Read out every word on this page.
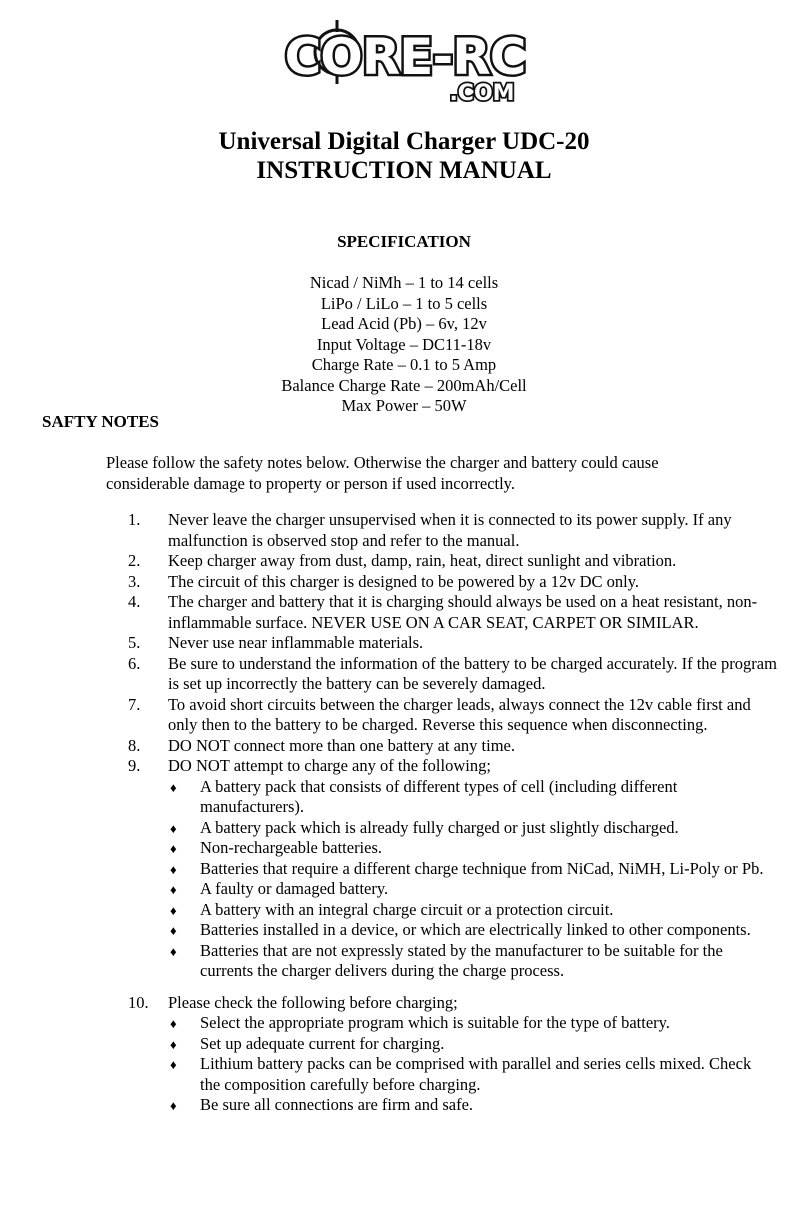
CORE-RC
.COM
Universal Digital Charger UDC-20
INSTRUCTION MANUAL
SPECIFICATION
Nicad / NiMh – 1 to 14 cells
LiPo / LiLo – 1 to 5 cells
Lead Acid (Pb) – 6v, 12v
Input Voltage – DC11-18v
Charge Rate – 0.1 to 5 Amp
Balance Charge Rate – 200mAh/Cell
Max Power – 50W
SAFTY NOTES
Please follow the safety notes below. Otherwise the charger and battery could cause considerable damage to property or person if used incorrectly.
1.	Never leave the charger unsupervised when it is connected to its power supply. If any malfunction is observed stop and refer to the manual.
2.	Keep charger away from dust, damp, rain, heat, direct sunlight and vibration.
3.	The circuit of this charger is designed to be powered by a 12v DC only.
4.	The charger and battery that it is charging should always be used on a heat resistant, non-inflammable surface. NEVER USE ON A CAR SEAT, CARPET OR SIMILAR.
5.	Never use near inflammable materials.
6.	Be sure to understand the information of the battery to be charged accurately. If the program is set up incorrectly the battery can be severely damaged.
7.	To avoid short circuits between the charger leads, always connect the 12v cable first and only then to the battery to be charged. Reverse this sequence when disconnecting.
8.	DO NOT connect more than one battery at any time.
9.	DO NOT attempt to charge any of the following;
♦ A battery pack that consists of different types of cell (including different manufacturers).
♦ A battery pack which is already fully charged or just slightly discharged.
♦ Non-rechargeable batteries.
♦ Batteries that require a different charge technique from NiCad, NiMH, Li-Poly or Pb.
♦ A faulty or damaged battery.
♦ A battery with an integral charge circuit or a protection circuit.
♦ Batteries installed in a device, or which are electrically linked to other components.
♦ Batteries that are not expressly stated by the manufacturer to be suitable for the currents the charger delivers during the charge process.
10.	Please check the following before charging;
♦ Select the appropriate program which is suitable for the type of battery.
♦ Set up adequate current for charging.
♦ Lithium battery packs can be comprised with parallel and series cells mixed. Check the composition carefully before charging.
♦ Be sure all connections are firm and safe.
